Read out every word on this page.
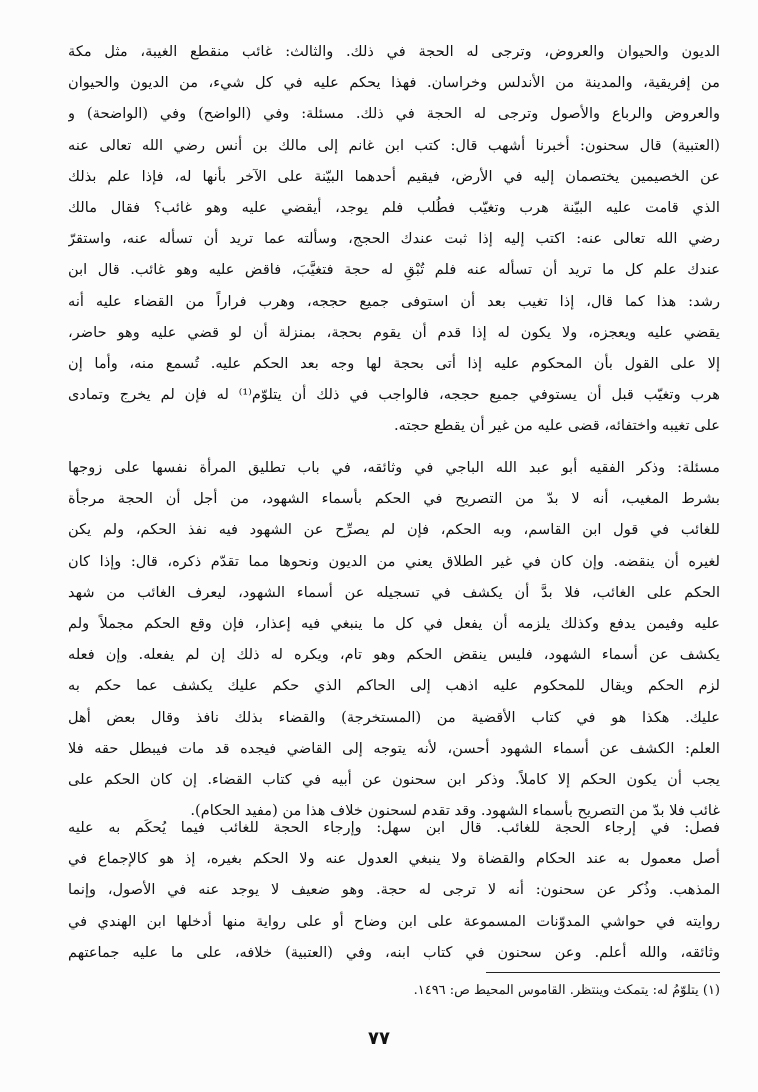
الديون والحيوان والعروض، وترجى له الحجة في ذلك. والثالث: غائب منقطع الغيبة، مثل مكة
من إفريقية، والمدينة من الأندلس وخراسان. فهذا يحكم عليه في كل شيء، من الديون والحيوان
والعروض والرباع والأصول وترجى له الحجة في ذلك. مسئلة: وفي (الواضح) وفي (الواضحة) و
(العتبية) قال سحنون: أخبرنا أشهب قال: كتب ابن غانم إلى مالك بن أنس رضي الله تعالى عنه
عن الخصيمين يختصمان إليه في الأرض، فيقيم أحدهما البيّنة على الآخر بأنها له، فإذا علم بذلك
الذي قامت عليه البيّنة هرب وتغيّب فطُلب فلم يوجد، أيقضي عليه وهو غائب؟ فقال مالك
رضي الله تعالى عنه: اكتب إليه إذا ثبت عندك الحجج، وسألته عما تريد أن تسأله عنه، واستقرّ
عندك علم كل ما تريد أن تسأله عنه فلم تُبْقِ له حجة فتغيَّبَ، فاقض عليه وهو غائب. قال ابن
رشد: هذا كما قال، إذا تغيب بعد أن استوفى جميع حججه، وهرب فراراً من القضاء عليه أنه
يقضي عليه ويعجزه، ولا يكون له إذا قدم أن يقوم بحجة، بمنزلة أن لو قضي عليه وهو حاضر،
إلا على القول بأن المحكوم عليه إذا أتى بحجة لها وجه بعد الحكم عليه. تُسمع منه، وأما إن
هرب وتغيّب قبل أن يستوفي جميع حججه، فالواجب في ذلك أن يتلوّم⁽¹⁾ له فإن لم يخرج وتمادى
على تغيبه واختفائه، قضى عليه من غير أن يقطع حجته.
مسئلة: وذكر الفقيه أبو عبد الله الباجي في وثائقه، في باب تطليق المرأة نفسها على زوجها
بشرط المغيب، أنه لا بدّ من التصريح في الحكم بأسماء الشهود، من أجل أن الحجة مرجأة
للغائب في قول ابن القاسم، وبه الحكم، فإن لم يصرِّح عن الشهود فيه نفذ الحكم، ولم يكن
لغيره أن ينقضه. وإن كان في غير الطلاق يعني من الديون ونحوها مما تقدّم ذكره، قال: وإذا كان
الحكم على الغائب، فلا بدَّ أن يكشف في تسجيله عن أسماء الشهود، ليعرف الغائب من شهد
عليه وفيمن يدفع وكذلك يلزمه أن يفعل في كل ما ينبغي فيه إعذار، فإن وقع الحكم مجملاً ولم
يكشف عن أسماء الشهود، فليس ينقض الحكم وهو تام، ويكره له ذلك إن لم يفعله. وإن فعله
لزم الحكم ويقال للمحكوم عليه اذهب إلى الحاكم الذي حكم عليك يكشف عما حكم به
عليك. هكذا هو في كتاب الأقضية من (المستخرجة) والقضاء بذلك نافذ وقال بعض أهل
العلم: الكشف عن أسماء الشهود أحسن، لأنه يتوجه إلى القاضي فيجده قد مات فيبطل حقه فلا
يجب أن يكون الحكم إلا كاملاً. وذكر ابن سحنون عن أبيه في كتاب القضاء. إن كان الحكم على
غائب فلا بدّ من التصريح بأسماء الشهود. وقد تقدم لسحنون خلاف هذا من (مفيد الحكام).
فصل: في إرجاء الحجة للغائب. قال ابن سهل: وإرجاء الحجة للغائب فيما يُحكَم به عليه
أصل معمول به عند الحكام والقضاة ولا ينبغي العدول عنه ولا الحكم بغيره، إذ هو كالإجماع في
المذهب. وذُكر عن سحنون: أنه لا ترجى له حجة. وهو ضعيف لا يوجد عنه في الأصول، وإنما
روايته في حواشي المدوّنات المسموعة على ابن وضاح أو على رواية منها أدخلها ابن الهندي في
وثائقه، والله أعلم. وعن سحنون في كتاب ابنه، وفي (العتبية) خلافه، على ما عليه جماعتهم
(١) يتلوّمُ له: يتمكث وينتظر. القاموس المحيط ص: ١٤٩٦.
٧٧
